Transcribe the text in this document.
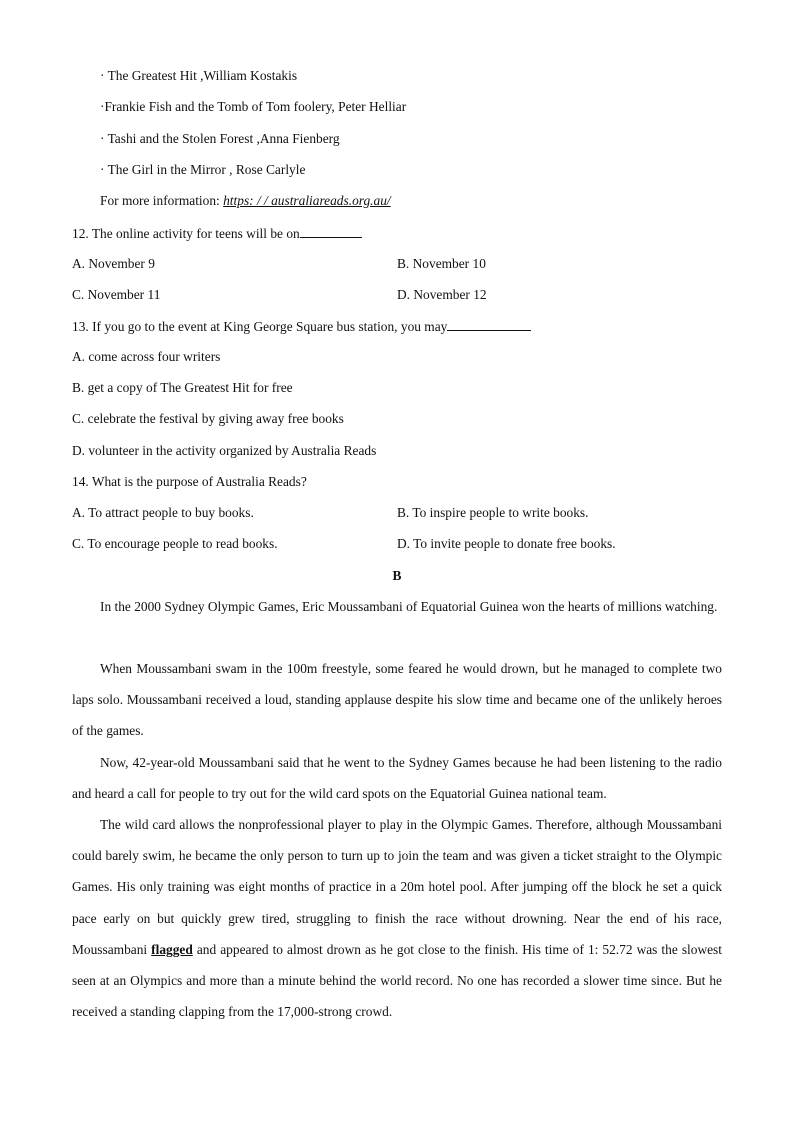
· The Greatest Hit ,William Kostakis
·Frankie Fish and the Tomb of Tom foolery, Peter Helliar
· Tashi and the Stolen Forest ,Anna Fienberg
· The Girl in the Mirror , Rose Carlyle
For more information: https: / / australiareads.org.au/
12. The online activity for teens will be on
A. November 9	B. November 10
C. November 11	D. November 12
13. If you go to the event at King George Square bus station, you may
A. come across four writers
B. get a copy of The Greatest Hit for free
C. celebrate the festival by giving away free books
D. volunteer in the activity organized by Australia Reads
14. What is the purpose of Australia Reads?
A. To attract people to buy books.	B. To inspire people to write books.
C. To encourage people to read books.	D. To invite people to donate free books.
B
In the 2000 Sydney Olympic Games, Eric Moussambani of Equatorial Guinea won the hearts of millions watching.
When Moussambani swam in the 100m freestyle, some feared he would drown, but he managed to complete two laps solo. Moussambani received a loud, standing applause despite his slow time and became one of the unlikely heroes of the games.
Now, 42-year-old Moussambani said that he went to the Sydney Games because he had been listening to the radio and heard a call for people to try out for the wild card spots on the Equatorial Guinea national team.
The wild card allows the nonprofessional player to play in the Olympic Games. Therefore, although Moussambani could barely swim, he became the only person to turn up to join the team and was given a ticket straight to the Olympic Games. His only training was eight months of practice in a 20m hotel pool. After jumping off the block he set a quick pace early on but quickly grew tired, struggling to finish the race without drowning. Near the end of his race, Moussambani flagged and appeared to almost drown as he got close to the finish. His time of 1: 52.72 was the slowest seen at an Olympics and more than a minute behind the world record. No one has recorded a slower time since. But he received a standing clapping from the 17,000-strong crowd.
